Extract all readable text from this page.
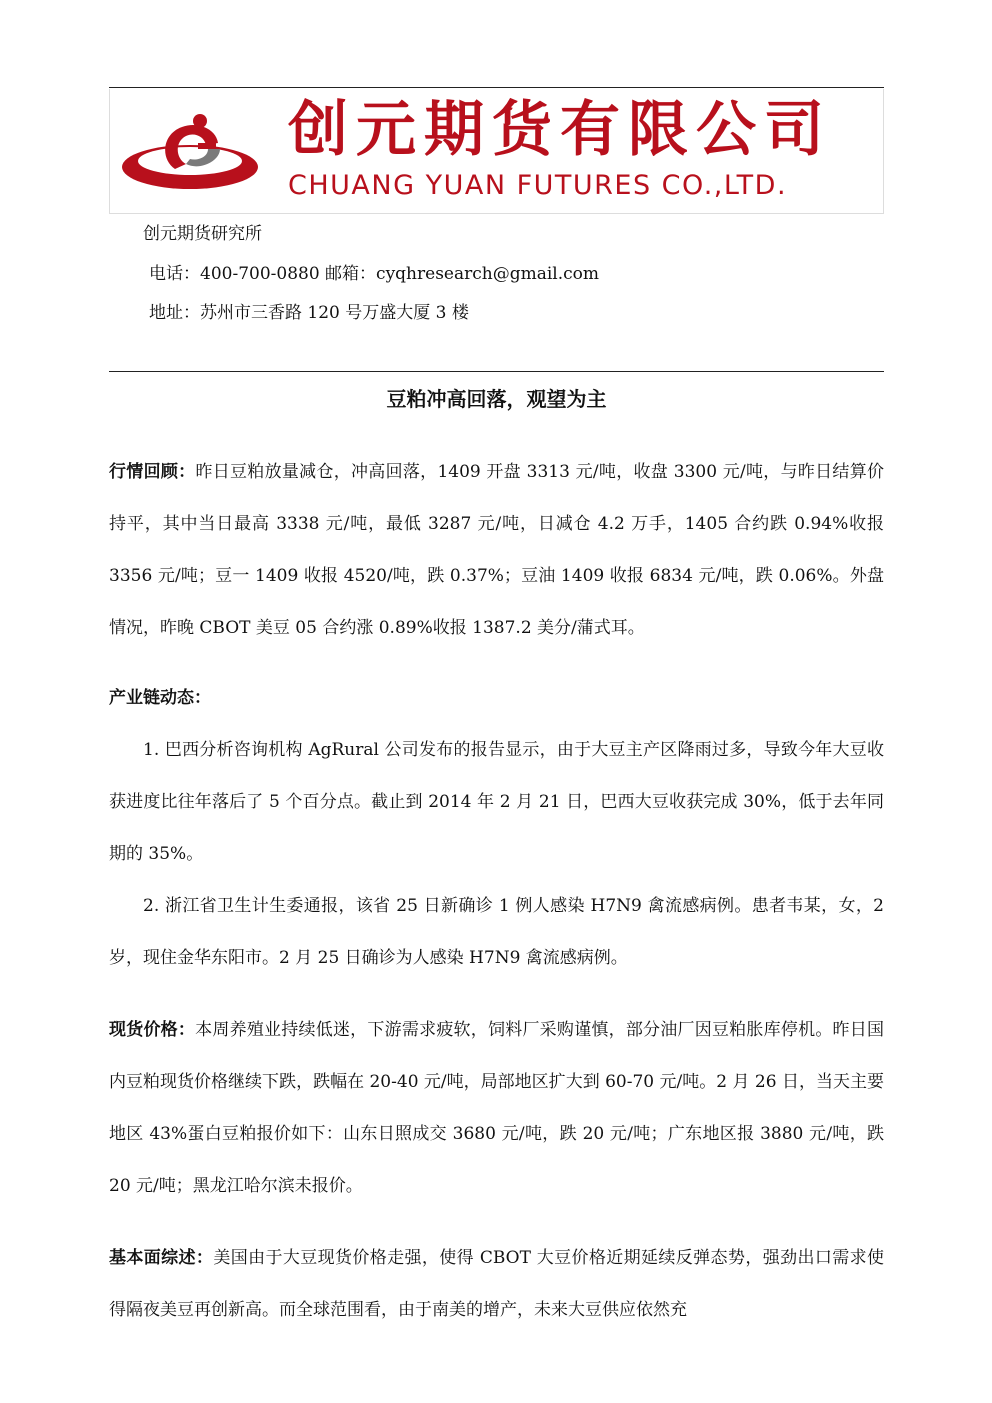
创元期货有限公司
CHUANG YUAN FUTURES CO.,LTD.
创元期货研究所
电话：400-700-0880 邮箱：cyqhresearch@gmail.com
地址：苏州市三香路 120 号万盛大厦 3 楼
豆粕冲高回落，观望为主

行情回顾：昨日豆粕放量减仓，冲高回落，1409 开盘 3313 元/吨，收盘 3300 元/吨，与昨日结算价持平，其中当日最高 3338 元/吨，最低 3287 元/吨，日减仓 4.2 万手，1405 合约跌 0.94%收报 3356 元/吨；豆一 1409 收报 4520/吨，跌 0.37%；豆油 1409 收报 6834 元/吨，跌 0.06%。外盘情况，昨晚 CBOT 美豆 05 合约涨 0.89%收报 1387.2 美分/蒲式耳。

产业链动态：

1. 巴西分析咨询机构 AgRural 公司发布的报告显示，由于大豆主产区降雨过多，导致今年大豆收获进度比往年落后了 5 个百分点。截止到 2014 年 2 月 21 日，巴西大豆收获完成 30%，低于去年同期的 35%。

2. 浙江省卫生计生委通报，该省 25 日新确诊 1 例人感染 H7N9 禽流感病例。患者韦某，女，2 岁，现住金华东阳市。2 月 25 日确诊为人感染 H7N9 禽流感病例。

现货价格：本周养殖业持续低迷，下游需求疲软，饲料厂采购谨慎，部分油厂因豆粕胀库停机。昨日国内豆粕现货价格继续下跌，跌幅在 20-40 元/吨，局部地区扩大到 60-70 元/吨。2 月 26 日，当天主要地区 43%蛋白豆粕报价如下：山东日照成交 3680 元/吨，跌 20 元/吨；广东地区报 3880 元/吨，跌 20 元/吨；黑龙江哈尔滨未报价。

基本面综述：美国由于大豆现货价格走强，使得 CBOT 大豆价格近期延续反弹态势，强劲出口需求使得隔夜美豆再创新高。而全球范围看，由于南美的增产，未来大豆供应依然充
